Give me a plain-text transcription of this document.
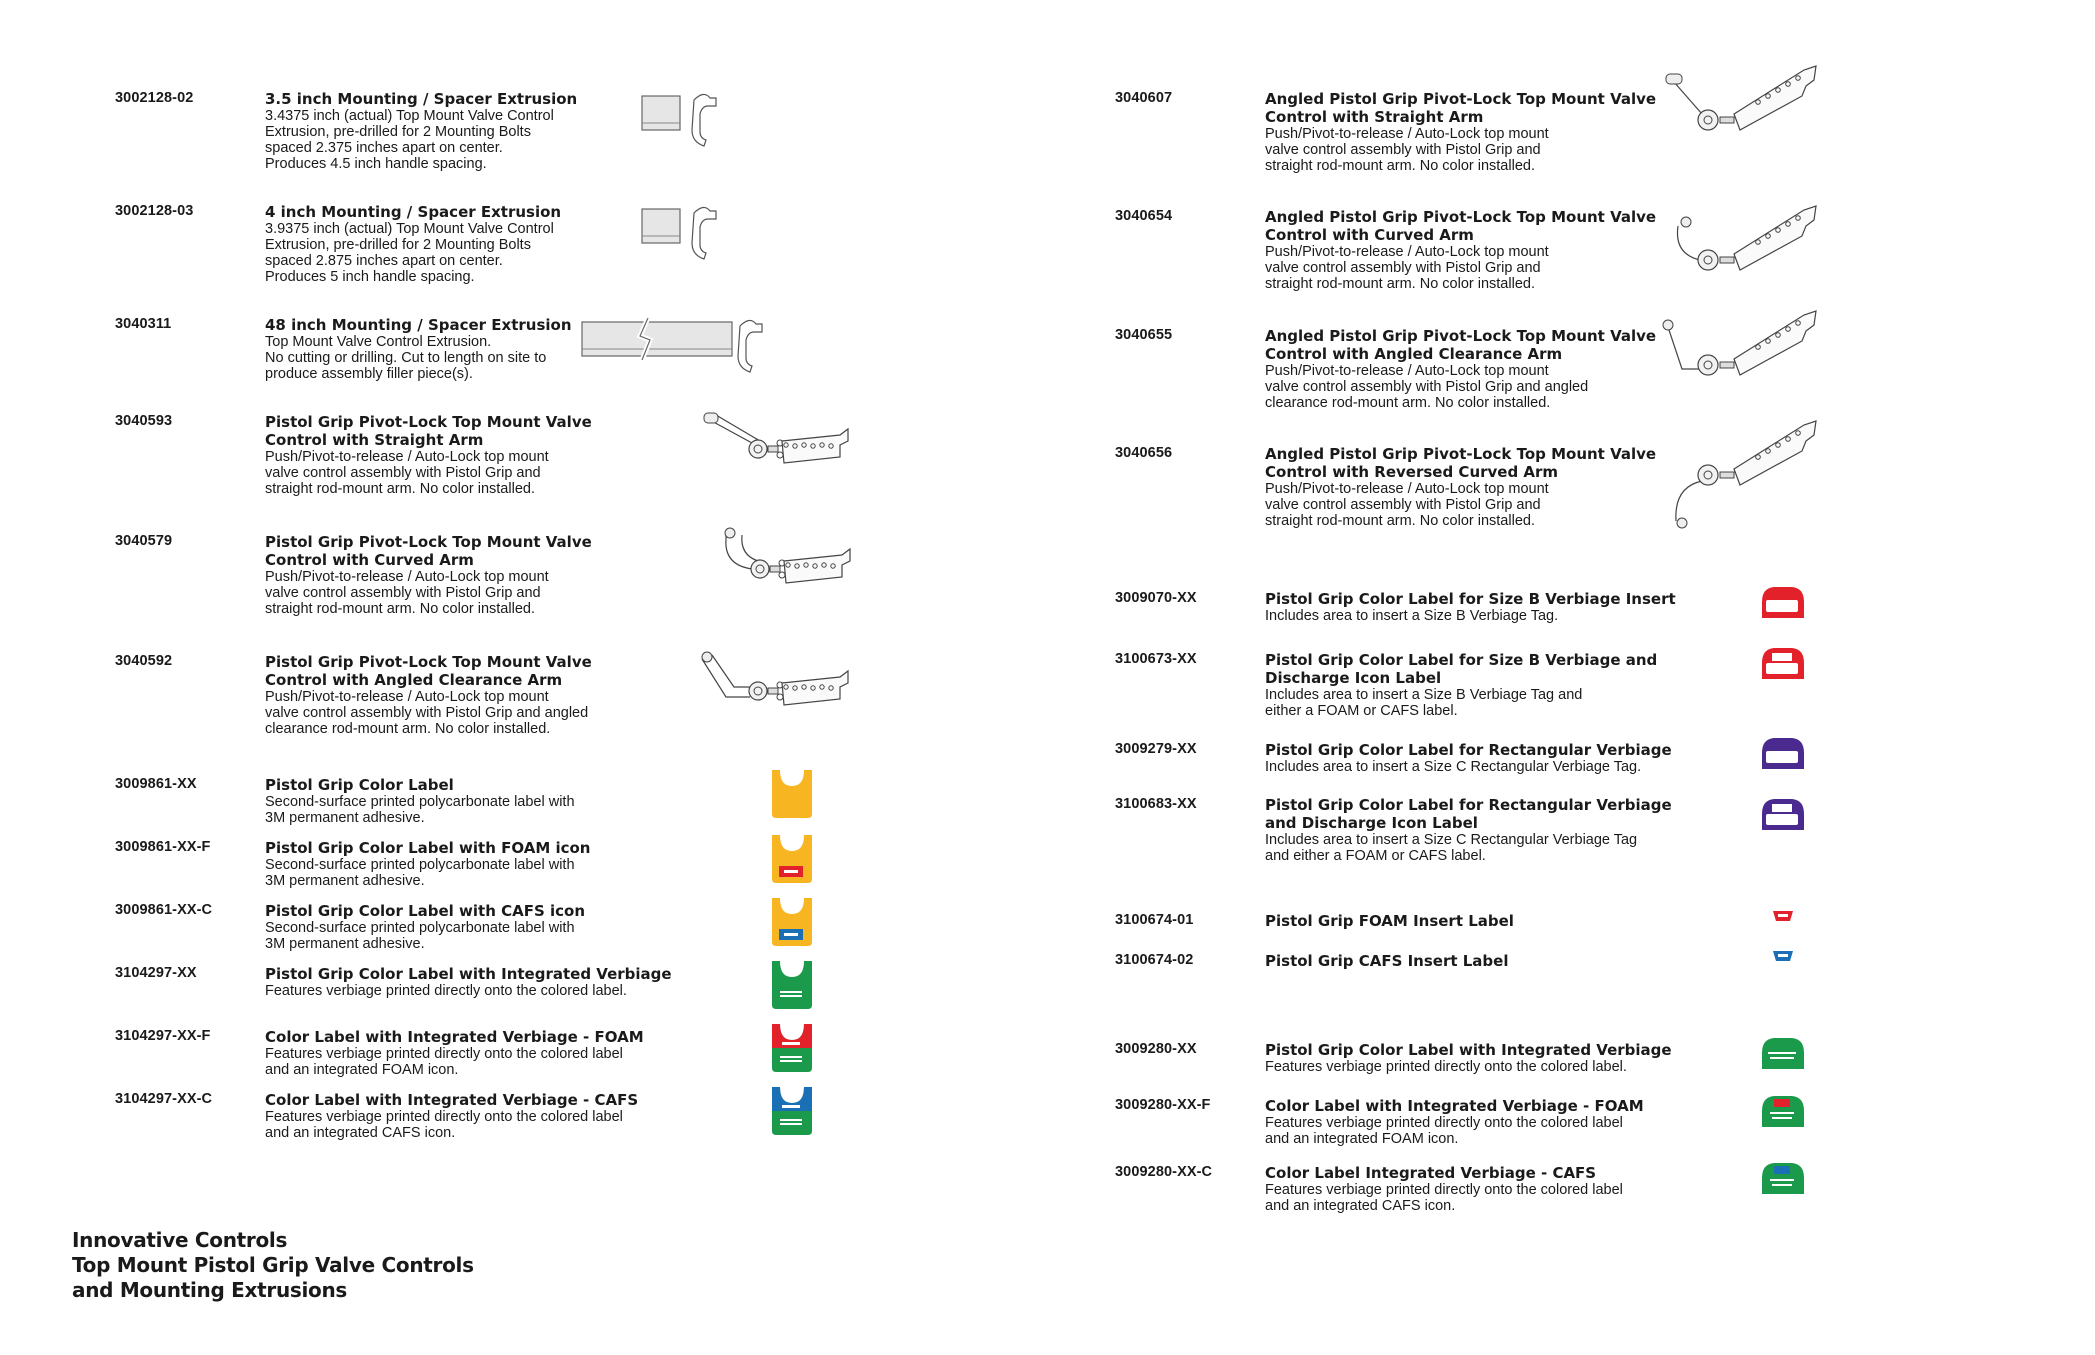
3002128-02	3.5 inch Mounting / Spacer Extrusion
3.4375 inch (actual) Top Mount Valve Control
Extrusion, pre-drilled for 2 Mounting Bolts
spaced 2.375 inches apart on center.
Produces 4.5 inch handle spacing.
3002128-03	4 inch Mounting / Spacer Extrusion
3.9375 inch (actual) Top Mount Valve Control
Extrusion, pre-drilled for 2 Mounting Bolts
spaced 2.875 inches apart on center.
Produces 5 inch handle spacing.
3040311	48 inch Mounting / Spacer Extrusion
Top Mount Valve Control Extrusion.
No cutting or drilling. Cut to length on site to
produce assembly filler piece(s).
3040593	Pistol Grip Pivot-Lock Top Mount Valve
Control with Straight Arm
Push/Pivot-to-release / Auto-Lock top mount
valve control assembly with Pistol Grip and
straight rod-mount arm. No color installed.
3040579	Pistol Grip Pivot-Lock Top Mount Valve
Control with Curved Arm
Push/Pivot-to-release / Auto-Lock top mount
valve control assembly with Pistol Grip and
straight rod-mount arm. No color installed.
3040592	Pistol Grip Pivot-Lock Top Mount Valve
Control with Angled Clearance Arm
Push/Pivot-to-release / Auto-Lock top mount
valve control assembly with Pistol Grip and angled
clearance rod-mount arm. No color installed.
3009861-XX	Pistol Grip Color Label
Second-surface printed polycarbonate label with
3M permanent adhesive.
3009861-XX-F	Pistol Grip Color Label with FOAM icon
Second-surface printed polycarbonate label with
3M permanent adhesive.
3009861-XX-C	Pistol Grip Color Label with CAFS icon
Second-surface printed polycarbonate label with
3M permanent adhesive.
3104297-XX	Pistol Grip Color Label with Integrated Verbiage
Features verbiage printed directly onto the colored label.
3104297-XX-F	Color Label with Integrated Verbiage - FOAM
Features verbiage printed directly onto the colored label
and an integrated FOAM icon.
3104297-XX-C	Color Label with Integrated Verbiage - CAFS
Features verbiage printed directly onto the colored label
and an integrated CAFS icon.
3040607	Angled Pistol Grip Pivot-Lock Top Mount Valve
Control with Straight Arm
Push/Pivot-to-release / Auto-Lock top mount
valve control assembly with Pistol Grip and
straight rod-mount arm. No color installed.
3040654	Angled Pistol Grip Pivot-Lock Top Mount Valve
Control with Curved Arm
Push/Pivot-to-release / Auto-Lock top mount
valve control assembly with Pistol Grip and
straight rod-mount arm. No color installed.
3040655	Angled Pistol Grip Pivot-Lock Top Mount Valve
Control with Angled Clearance Arm
Push/Pivot-to-release / Auto-Lock top mount
valve control assembly with Pistol Grip and angled
clearance rod-mount arm. No color installed.
3040656	Angled Pistol Grip Pivot-Lock Top Mount Valve
Control with Reversed Curved Arm
Push/Pivot-to-release / Auto-Lock top mount
valve control assembly with Pistol Grip and
straight rod-mount arm. No color installed.
3009070-XX	Pistol Grip Color Label for Size B Verbiage Insert
Includes area to insert a Size B Verbiage Tag.
3100673-XX	Pistol Grip Color Label for Size B Verbiage and
Discharge Icon Label
Includes area to insert a Size B Verbiage Tag and
either a FOAM or CAFS label.
3009279-XX	Pistol Grip Color Label for Rectangular Verbiage
Includes area to insert a Size C Rectangular Verbiage Tag.
3100683-XX	Pistol Grip Color Label for Rectangular Verbiage
and Discharge Icon Label
Includes area to insert a Size C Rectangular Verbiage Tag
and either a FOAM or CAFS label.
3100674-01	Pistol Grip FOAM Insert Label
3100674-02	Pistol Grip CAFS Insert Label
3009280-XX	Pistol Grip Color Label with Integrated Verbiage
Features verbiage printed directly onto the colored label.
3009280-XX-F	Color Label with Integrated Verbiage - FOAM
Features verbiage printed directly onto the colored label
and an integrated FOAM icon.
3009280-XX-C	Color Label Integrated Verbiage - CAFS
Features verbiage printed directly onto the colored label
and an integrated CAFS icon.
Innovative Controls
Top Mount Pistol Grip Valve Controls
and Mounting Extrusions
